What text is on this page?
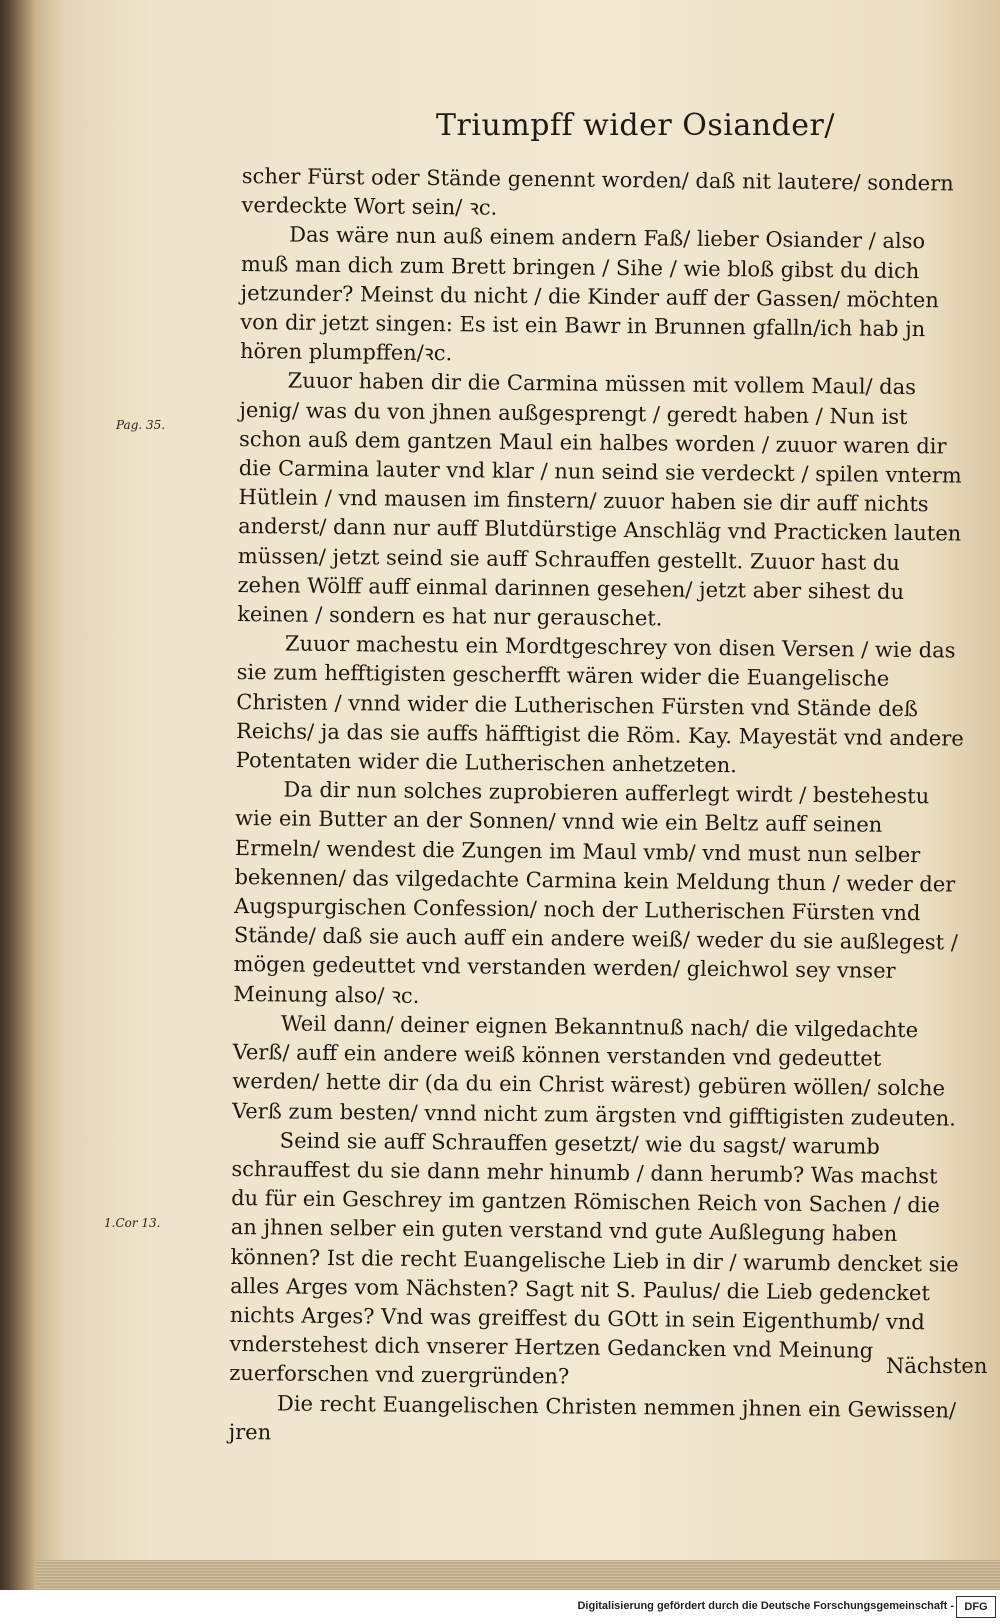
Triumpff wider Osiander/

scher Fürst oder Stände genennt worden/ daß nit lautere/ sondern verdeckte Wort sein/ ꝛc.

Das wäre nun auß einem andern Faß/ lieber Osiander / also muß man dich zum Brett bringen / Sihe / wie bloß gibst du dich jetzunder? Meinst du nicht / die Kinder auff der Gassen/ möchten von dir jetzt singen: Es ist ein Bawr in Brunnen gfalln/ich hab jn hören plumpffen/ꝛc.

Zuuor haben dir die Carmina müssen mit vollem Maul/ das jenig/ was du von jhnen außgesprengt / geredt haben / Nun ist schon auß dem gantzen Maul ein halbes worden / zuuor waren dir die Carmina lauter vnd klar / nun seind sie verdeckt / spilen vnterm Hütlein / vnd mausen im finstern/ zuuor haben sie dir auff nichts anderst/ dann nur auff Blutdürstige Anschläg vnd Practicken lauten müssen/ jetzt seind sie auff Schrauffen gestellt. Zuuor hast du zehen Wölff auff einmal darinnen gesehen/ jetzt aber sihest du keinen / sondern es hat nur gerauschet.

Zuuor machestu ein Mordtgeschrey von disen Versen / wie das sie zum hefftigisten gescherfft wären wider die Euangelische Christen / vnnd wider die Lutherischen Fürsten vnd Stände deß Reichs/ ja das sie auffs häfftigist die Röm. Kay. Mayestät vnd andere Potentaten wider die Lutherischen anhetzeten.

Da dir nun solches zuprobieren aufferlegt wirdt / bestehestu wie ein Butter an der Sonnen/ vnnd wie ein Beltz auff seinen Ermeln/ wendest die Zungen im Maul vmb/ vnd must nun selber bekennen/ das vilgedachte Carmina kein Meldung thun / weder der Augspurgischen Confession/ noch der Lutherischen Fürsten vnd Stände/ daß sie auch auff ein andere weiß/ weder du sie außlegest / mögen gedeuttet vnd verstanden werden/ gleichwol sey vnser Meinung also/ ꝛc.

Weil dann/ deiner eignen Bekanntnuß nach/ die vilgedachte Verß/ auff ein andere weiß können verstanden vnd gedeuttet werden/ hette dir (da du ein Christ wärest) gebüren wöllen/ solche Verß zum besten/ vnnd nicht zum ärgsten vnd gifftigisten zudeuten.

Seind sie auff Schrauffen gesetzt/ wie du sagst/ warumb schrauffest du sie dann mehr hinumb / dann herumb? Was machst du für ein Geschrey im gantzen Römischen Reich von Sachen / die an jhnen selber ein guten verstand vnd gute Außlegung haben können? Ist die recht Euangelische Lieb in dir / warumb dencket sie alles Arges vom Nächsten? Sagt nit S. Paulus/ die Lieb gedencket nichts Arges? Vnd was greiffest du GOtt in sein Eigenthumb/ vnd vnderstehest dich vnserer Hertzen Gedancken vnd Meinung zuerforschen vnd zuergründen?

Die recht Euangelischen Christen nemmen jhnen ein Gewissen/ jren

Pag. 35.
1.Cor 13.
Nächsten
Digitalisierung gefördert durch die Deutsche Forschungsgemeinschaft - DFG
